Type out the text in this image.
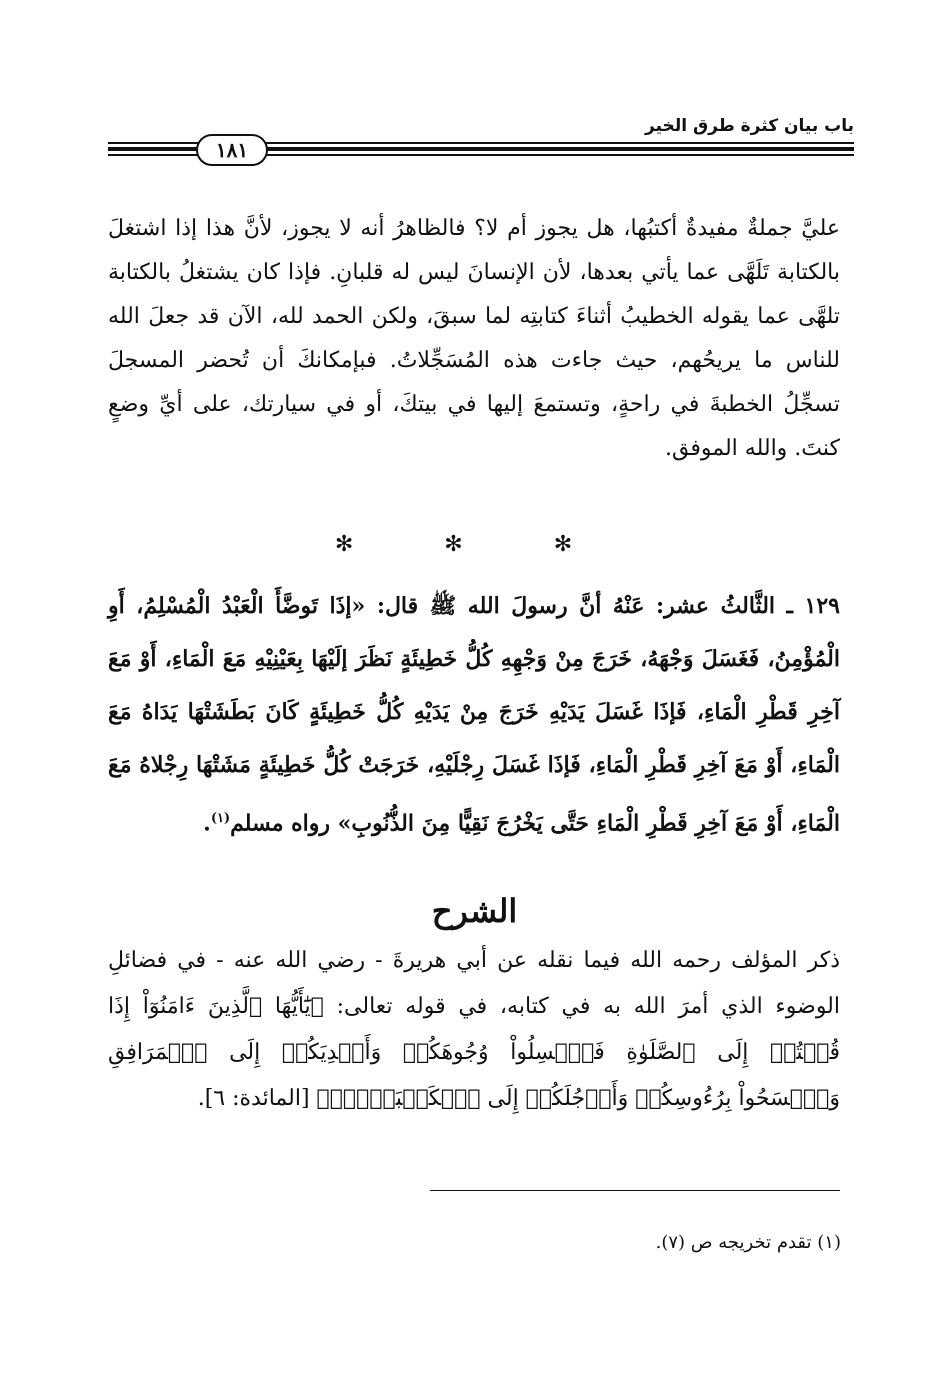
باب بيان كثرة طرق الخير
١٨١

عليَّ جملةٌ مفيدةٌ أكتبُها، هل يجوز أم لا؟ فالظاهرُ أنه لا يجوز، لأنَّ هذا إذا اشتغلَ بالكتابة تَلَهَّى عما يأتي بعدها، لأن الإنسانَ ليس له قلبانِ. فإذا كان يشتغلُ بالكتابة تلهَّى عما يقوله الخطيبُ أثناءَ كتابتِه لما سبقَ، ولكن الحمد لله، الآن قد جعلَ الله للناس ما يريحُهم، حيث جاءت هذه المُسَجِّلاتُ. فبإمكانكَ أن تُحضر المسجلَ تسجِّلُ الخطبةَ في راحةٍ، وتستمعَ إليها في بيتكَ، أو في سيارتك، على أيِّ وضعٍ كنتَ. والله الموفق.

✻ ✻ ✻

١٢٩ ـ الثَّالثُ عشر: عَنْهُ أنَّ رسولَ الله ﷺ قال: «إذَا تَوضَّأَ الْعَبْدُ الْمُسْلِمُ، أَوِ الْمُؤْمِنُ، فَغَسَلَ وَجْهَهُ، خَرَجَ مِنْ وَجْهِهِ كُلُّ خَطِيئَةٍ نَظَرَ إلَيْهَا بِعَيْنِيْهِ مَعَ الْمَاءِ، أَوْ مَعَ آخِرِ قَطْرِ الْمَاءِ، فَإذَا غَسَلَ يَدَيْهِ خَرَجَ مِنْ يَدَيْهِ كُلُّ خَطِيئَةٍ كَانَ بَطَشَتْهَا يَدَاهُ مَعَ الْمَاءِ، أَوْ مَعَ آخِرِ قَطْرِ الْمَاءِ، فَإذَا غَسَلَ رِجْلَيْهِ، خَرَجَتْ كُلُّ خَطِيئَةٍ مَشَتْهَا رِجْلاهُ مَعَ الْمَاءِ، أَوْ مَعَ آخِرِ قَطْرِ الْمَاءِ حَتَّى يَخْرُجَ نَقِيًّا مِنَ الذُّنُوبِ» رواه مسلم$^{(١)}$.

الشرح

ذكر المؤلف رحمه الله فيما نقله عن أبي هريرةَ - رضي الله عنه - في فضائلِ الوضوء الذي أمرَ الله به في كتابه، في قوله تعالى: ﴿يَٰٓأَيُّهَا ٱلَّذِينَ ءَامَنُوٓاْ إِذَا قُمۡتُمۡ إِلَى ٱلصَّلَوٰةِ فَٱغۡسِلُواْ وُجُوهَكُمۡ وَأَيۡدِيَكُمۡ إِلَى ٱلۡمَرَافِقِ وَٱمۡسَحُواْ بِرُءُوسِكُمۡ وَأَرۡجُلَكُمۡ إِلَى ٱلۡكَعۡبَيۡنِۚ﴾ [المائدة: ٦].

(١) تقدم تخريجه ص (٧).
